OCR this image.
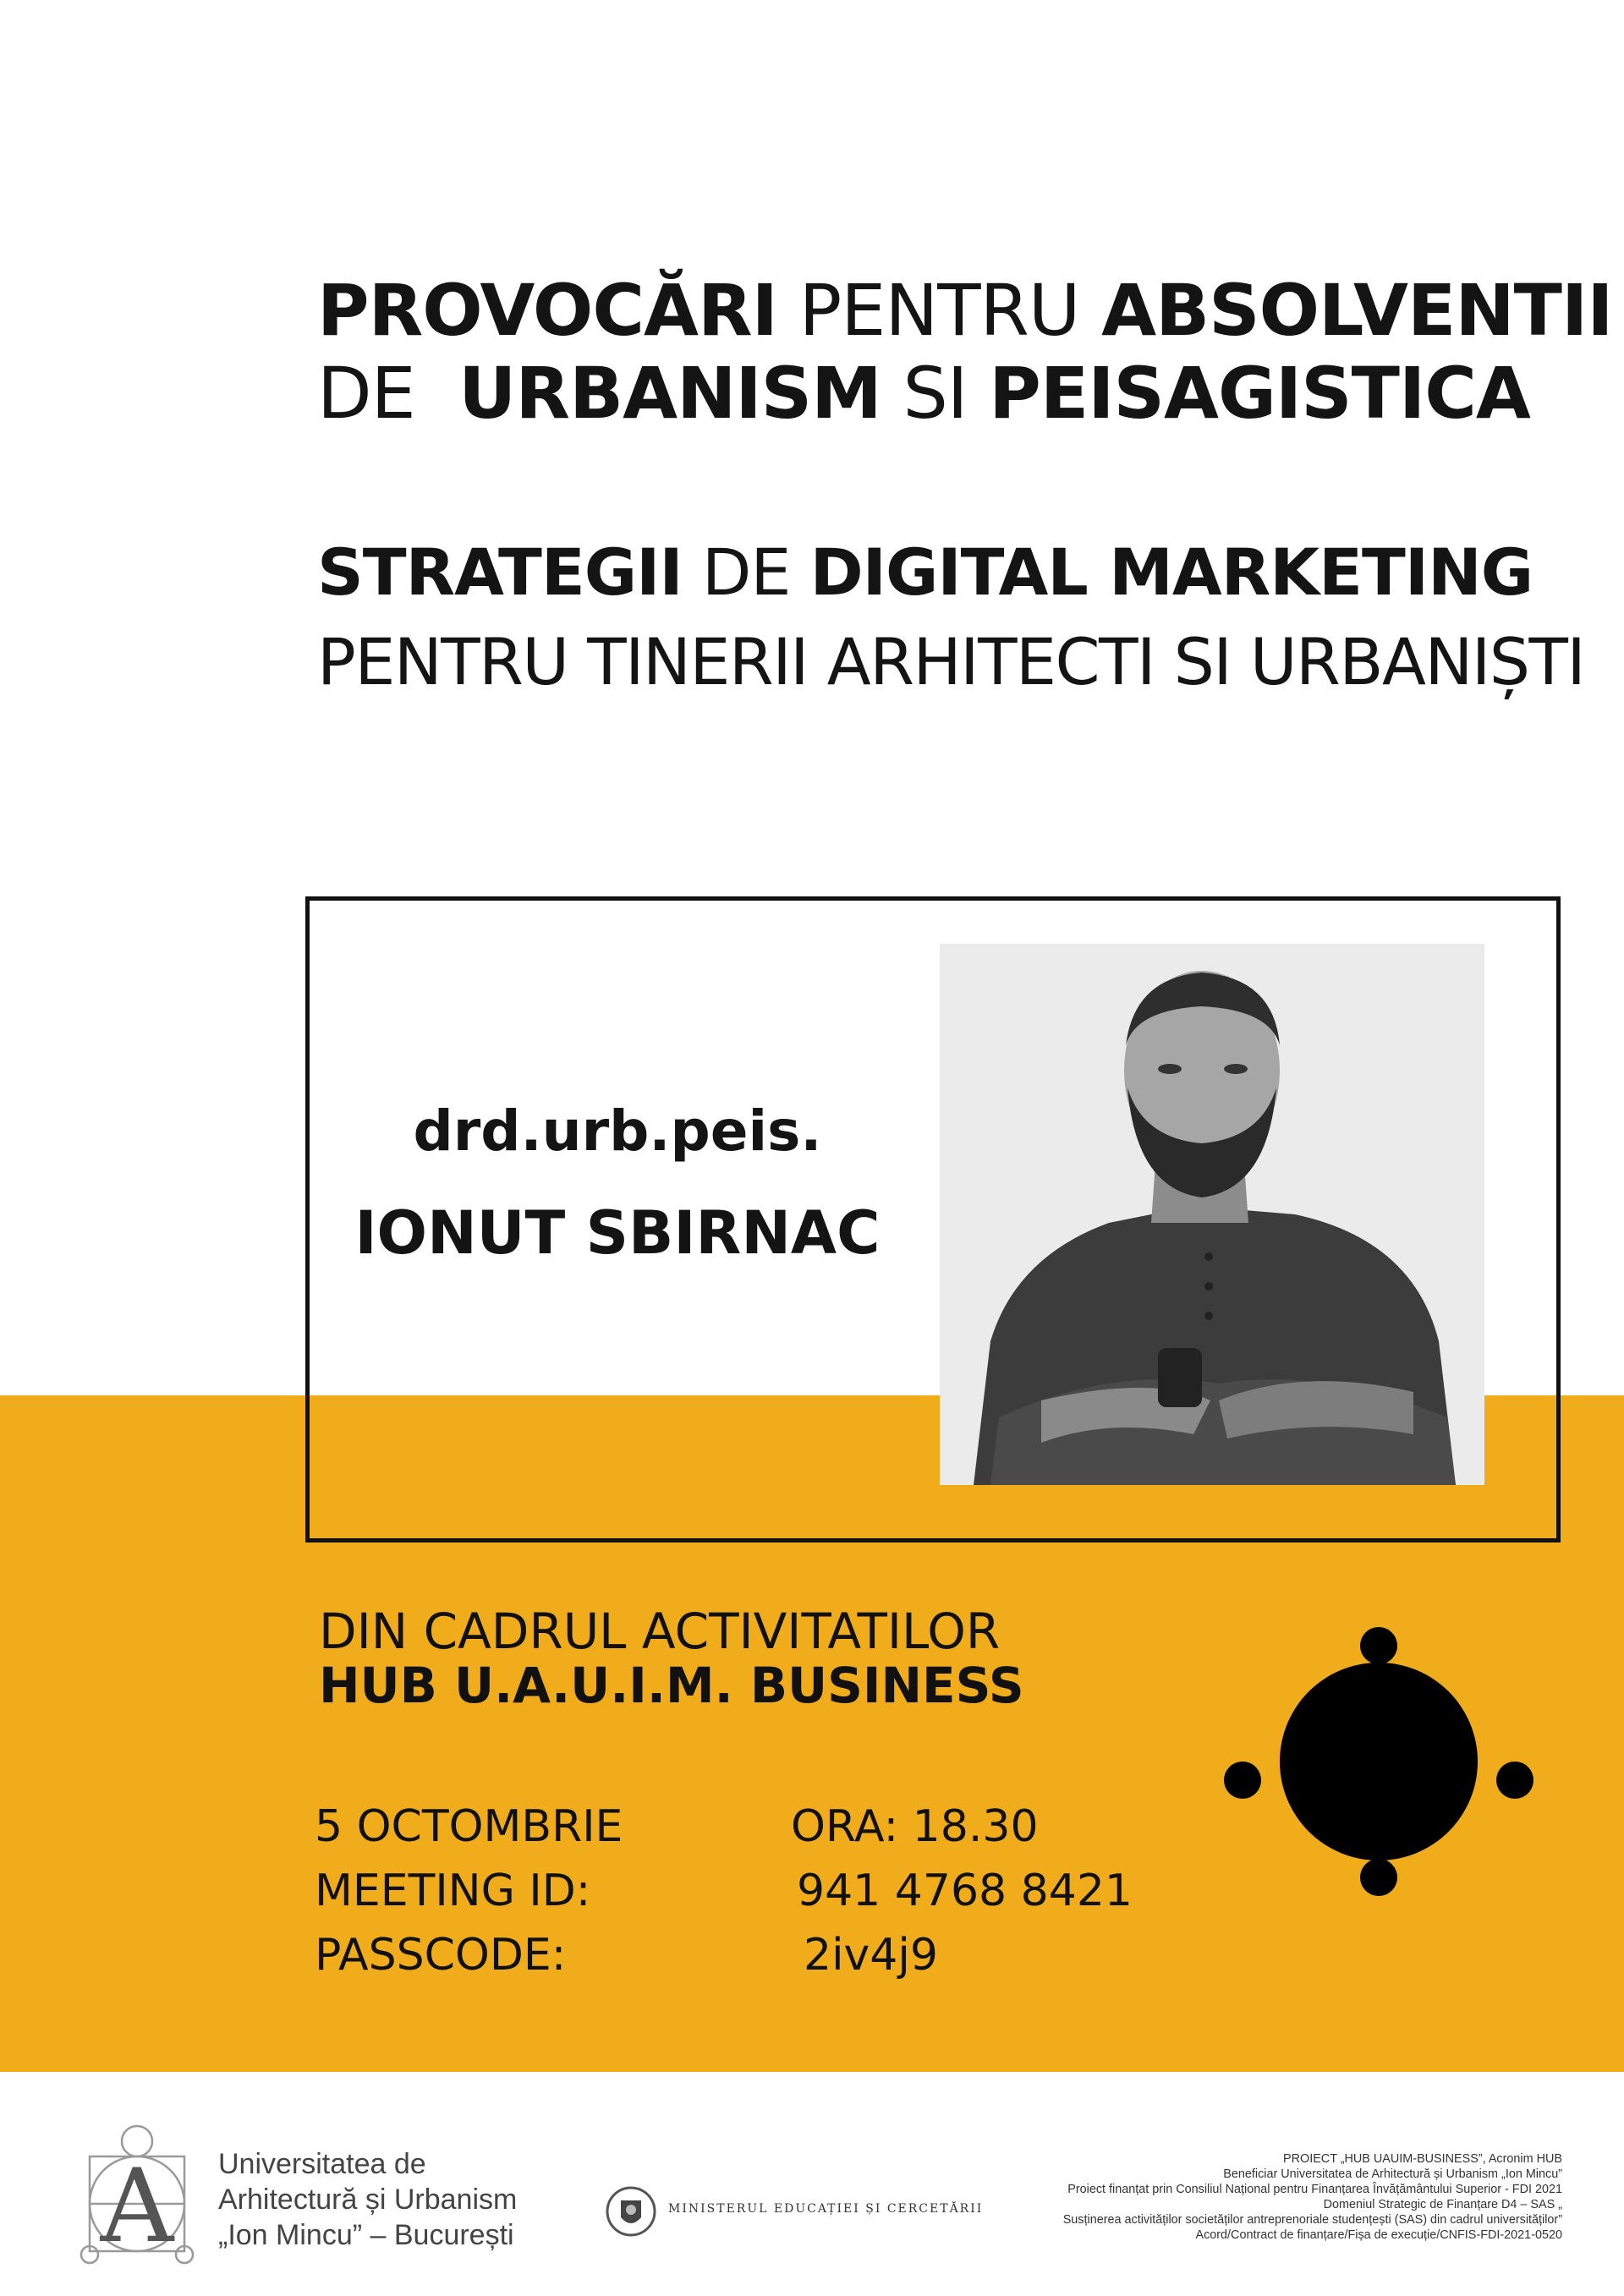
PROVOCĂRI PENTRU ABSOLVENTII
DE  URBANISM SI PEISAGISTICA
STRATEGII DE DIGITAL MARKETING
PENTRU TINERII ARHITECTI SI URBANIȘTI
drd.urb.peis.
IONUT SBIRNAC
DIN CADRUL ACTIVITATILOR
HUB U.A.U.I.M. BUSINESS
5 OCTOMBRIE	ORA: 18.30
MEETING ID:	941 4768 8421
PASSCODE:	2iv4j9
A Universitatea de
Arhitectură și Urbanism
„Ion Mincu” – București
MINISTERUL EDUCAȚIEI ȘI CERCETĂRII
PROIECT „HUB UAUIM-BUSINESS”, Acronim HUB
Beneficiar Universitatea de Arhitectură și Urbanism „Ion Mincu”
Proiect finanțat prin Consiliul Național pentru Finanțarea Învățământului Superior - FDI 2021
Domeniul Strategic de Finanțare D4 – SAS „
Susținerea activităților societăților antreprenoriale studențești (SAS) din cadrul universităților”
Acord/Contract de finanțare/Fișa de execuție/CNFIS-FDI-2021-0520
